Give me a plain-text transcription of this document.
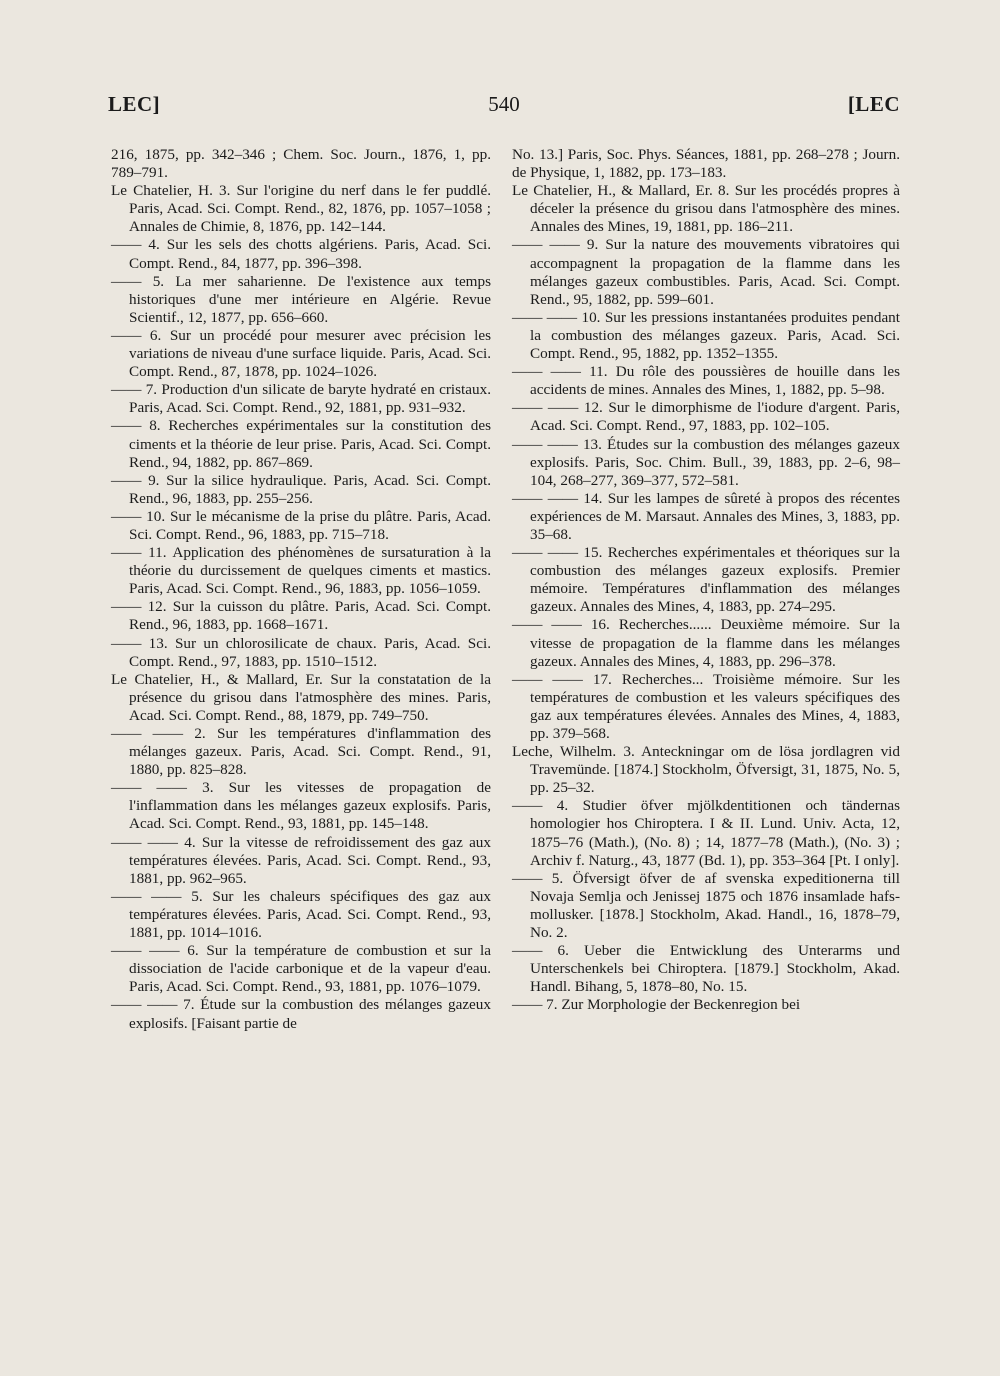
LEC]	540	[LEC

216, 1875, pp. 342–346 ; Chem. Soc. Journ., 1876, 1, pp. 789–791.

Le Chatelier, H. 3. Sur l'origine du nerf dans le fer puddlé. Paris, Acad. Sci. Compt. Rend., 82, 1876, pp. 1057–1058 ; Annales de Chimie, 8, 1876, pp. 142–144.

—— 4. Sur les sels des chotts algériens. Paris, Acad. Sci. Compt. Rend., 84, 1877, pp. 396–398.

—— 5. La mer saharienne. De l'existence aux temps historiques d'une mer intérieure en Algérie. Revue Scientif., 12, 1877, pp. 656–660.

—— 6. Sur un procédé pour mesurer avec précision les variations de niveau d'une surface liquide. Paris, Acad. Sci. Compt. Rend., 87, 1878, pp. 1024–1026.

—— 7. Production d'un silicate de baryte hydraté en cristaux. Paris, Acad. Sci. Compt. Rend., 92, 1881, pp. 931–932.

—— 8. Recherches expérimentales sur la constitution des ciments et la théorie de leur prise. Paris, Acad. Sci. Compt. Rend., 94, 1882, pp. 867–869.

—— 9. Sur la silice hydraulique. Paris, Acad. Sci. Compt. Rend., 96, 1883, pp. 255–256.

—— 10. Sur le mécanisme de la prise du plâtre. Paris, Acad. Sci. Compt. Rend., 96, 1883, pp. 715–718.

—— 11. Application des phénomènes de sursaturation à la théorie du durcissement de quelques ciments et mastics. Paris, Acad. Sci. Compt. Rend., 96, 1883, pp. 1056–1059.

—— 12. Sur la cuisson du plâtre. Paris, Acad. Sci. Compt. Rend., 96, 1883, pp. 1668–1671.

—— 13. Sur un chlorosilicate de chaux. Paris, Acad. Sci. Compt. Rend., 97, 1883, pp. 1510–1512.

Le Chatelier, H., & Mallard, Er. Sur la constatation de la présence du grisou dans l'atmosphère des mines. Paris, Acad. Sci. Compt. Rend., 88, 1879, pp. 749–750.

—— —— 2. Sur les températures d'inflammation des mélanges gazeux. Paris, Acad. Sci. Compt. Rend., 91, 1880, pp. 825–828.

—— —— 3. Sur les vitesses de propagation de l'inflammation dans les mélanges gazeux explosifs. Paris, Acad. Sci. Compt. Rend., 93, 1881, pp. 145–148.

—— —— 4. Sur la vitesse de refroidissement des gaz aux températures élevées. Paris, Acad. Sci. Compt. Rend., 93, 1881, pp. 962–965.

—— —— 5. Sur les chaleurs spécifiques des gaz aux températures élevées. Paris, Acad. Sci. Compt. Rend., 93, 1881, pp. 1014–1016.

—— —— 6. Sur la température de combustion et sur la dissociation de l'acide carbonique et de la vapeur d'eau. Paris, Acad. Sci. Compt. Rend., 93, 1881, pp. 1076–1079.

—— —— 7. Étude sur la combustion des mélanges gazeux explosifs. [Faisant partie de

No. 13.] Paris, Soc. Phys. Séances, 1881, pp. 268–278 ; Journ. de Physique, 1, 1882, pp. 173–183.

Le Chatelier, H., & Mallard, Er. 8. Sur les procédés propres à déceler la présence du grisou dans l'atmosphère des mines. Annales des Mines, 19, 1881, pp. 186–211.

—— —— 9. Sur la nature des mouvements vibratoires qui accompagnent la propagation de la flamme dans les mélanges gazeux combustibles. Paris, Acad. Sci. Compt. Rend., 95, 1882, pp. 599–601.

—— —— 10. Sur les pressions instantanées produites pendant la combustion des mélanges gazeux. Paris, Acad. Sci. Compt. Rend., 95, 1882, pp. 1352–1355.

—— —— 11. Du rôle des poussières de houille dans les accidents de mines. Annales des Mines, 1, 1882, pp. 5–98.

—— —— 12. Sur le dimorphisme de l'iodure d'argent. Paris, Acad. Sci. Compt. Rend., 97, 1883, pp. 102–105.

—— —— 13. Études sur la combustion des mélanges gazeux explosifs. Paris, Soc. Chim. Bull., 39, 1883, pp. 2–6, 98–104, 268–277, 369–377, 572–581.

—— —— 14. Sur les lampes de sûreté à propos des récentes expériences de M. Marsaut. Annales des Mines, 3, 1883, pp. 35–68.

—— —— 15. Recherches expérimentales et théoriques sur la combustion des mélanges gazeux explosifs. Premier mémoire. Températures d'inflammation des mélanges gazeux. Annales des Mines, 4, 1883, pp. 274–295.

—— —— 16. Recherches...... Deuxième mémoire. Sur la vitesse de propagation de la flamme dans les mélanges gazeux. Annales des Mines, 4, 1883, pp. 296–378.

—— —— 17. Recherches... Troisième mémoire. Sur les températures de combustion et les valeurs spécifiques des gaz aux températures élevées. Annales des Mines, 4, 1883, pp. 379–568.

Leche, Wilhelm. 3. Anteckningar om de lösa jordlagren vid Travemünde. [1874.] Stockholm, Öfversigt, 31, 1875, No. 5, pp. 25–32.

—— 4. Studier öfver mjölkdentitionen och tändernas homologier hos Chiroptera. I & II. Lund. Univ. Acta, 12, 1875–76 (Math.), (No. 8) ; 14, 1877–78 (Math.), (No. 3) ; Archiv f. Naturg., 43, 1877 (Bd. 1), pp. 353–364 [Pt. I only].

—— 5. Öfversigt öfver de af svenska expeditionerna till Novaja Semlja och Jenissej 1875 och 1876 insamlade hafs-mollusker. [1878.] Stockholm, Akad. Handl., 16, 1878–79, No. 2.

—— 6. Ueber die Entwicklung des Unterarms und Unterschenkels bei Chiroptera. [1879.] Stockholm, Akad. Handl. Bihang, 5, 1878–80, No. 15.

—— 7. Zur Morphologie der Beckenregion bei
